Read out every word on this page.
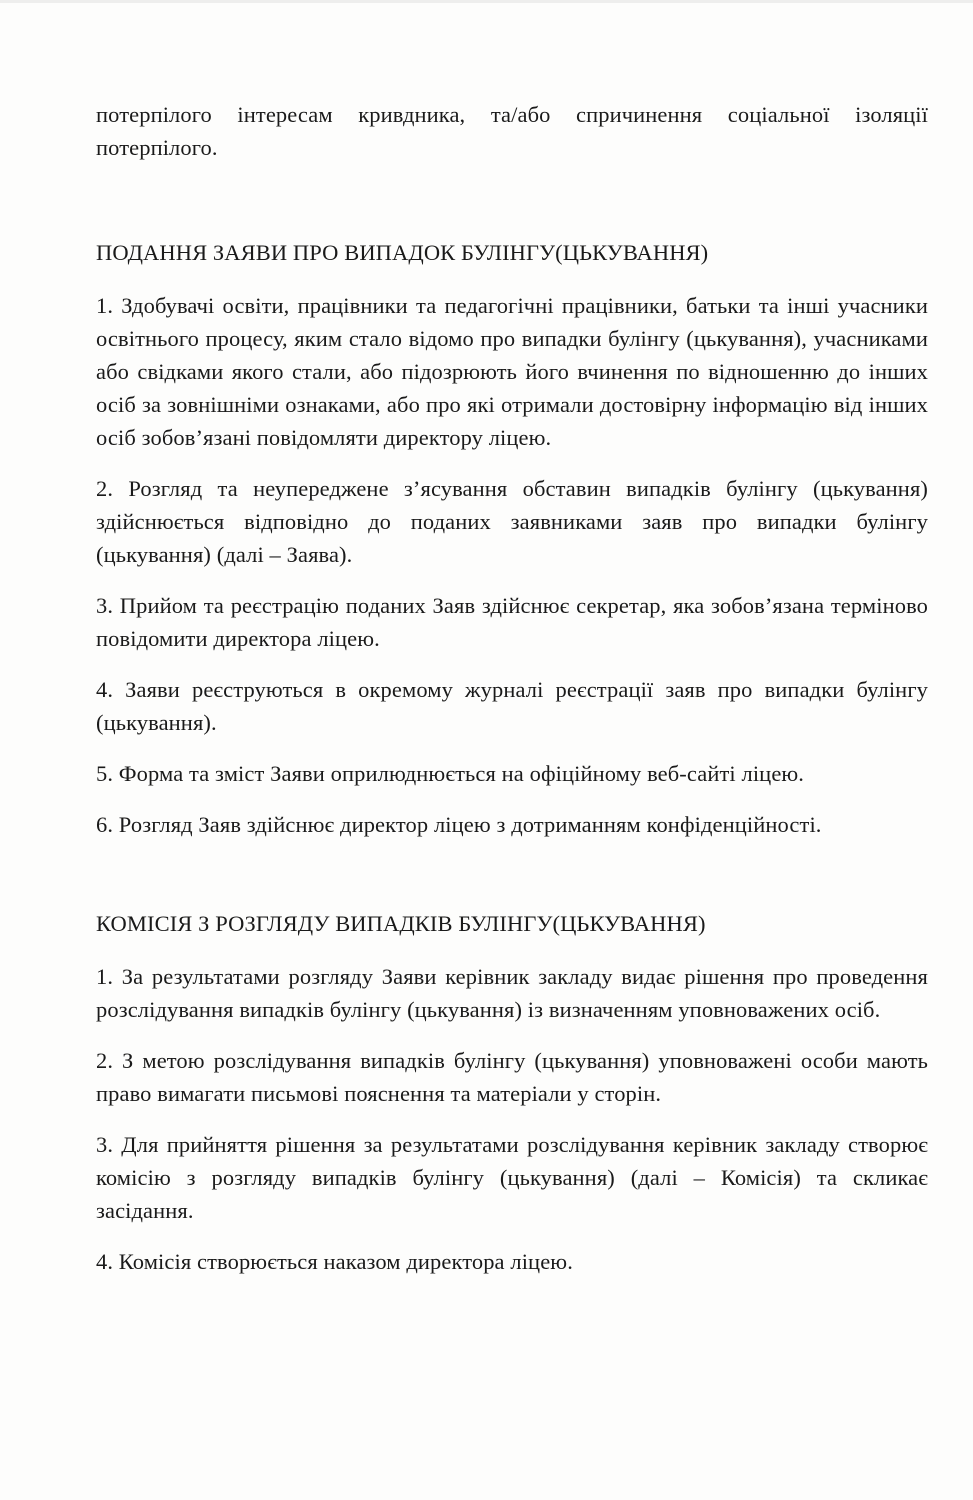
потерпілого інтересам кривдника, та/або спричинення соціальної ізоляції потерпілого.

ПОДАННЯ ЗАЯВИ ПРО ВИПАДОК БУЛІНГУ(ЦЬКУВАННЯ)

1. Здобувачі освіти, працівники та педагогічні працівники, батьки та інші учасники освітнього процесу, яким стало відомо про випадки булінгу (цькування), учасниками або свідками якого стали, або підозрюють його вчинення по відношенню до інших осіб за зовнішніми ознаками, або про які отримали достовірну інформацію від інших осіб зобов’язані повідомляти директору ліцею.

2. Розгляд та неупереджене з’ясування обставин випадків булінгу (цькування) здійснюється відповідно до поданих заявниками заяв про випадки булінгу (цькування) (далі – Заява).

3. Прийом та реєстрацію поданих Заяв здійснює секретар, яка зобов’язана терміново повідомити директора ліцею.

4. Заяви реєструються в окремому журналі реєстрації заяв про випадки булінгу (цькування).

5. Форма та зміст Заяви оприлюднюється на офіційному веб-сайті ліцею.

6. Розгляд Заяв здійснює директор ліцею з дотриманням конфіденційності.

КОМІСІЯ З РОЗГЛЯДУ ВИПАДКІВ БУЛІНГУ(ЦЬКУВАННЯ)

1. За результатами розгляду Заяви керівник закладу видає рішення про проведення розслідування випадків булінгу (цькування) із визначенням уповноважених осіб.

2. З метою розслідування випадків булінгу (цькування) уповноважені особи мають право вимагати письмові пояснення та матеріали у сторін.

3. Для прийняття рішення за результатами розслідування керівник закладу створює комісію з розгляду випадків булінгу (цькування) (далі – Комісія) та скликає засідання.

4. Комісія створюється наказом директора ліцею.
